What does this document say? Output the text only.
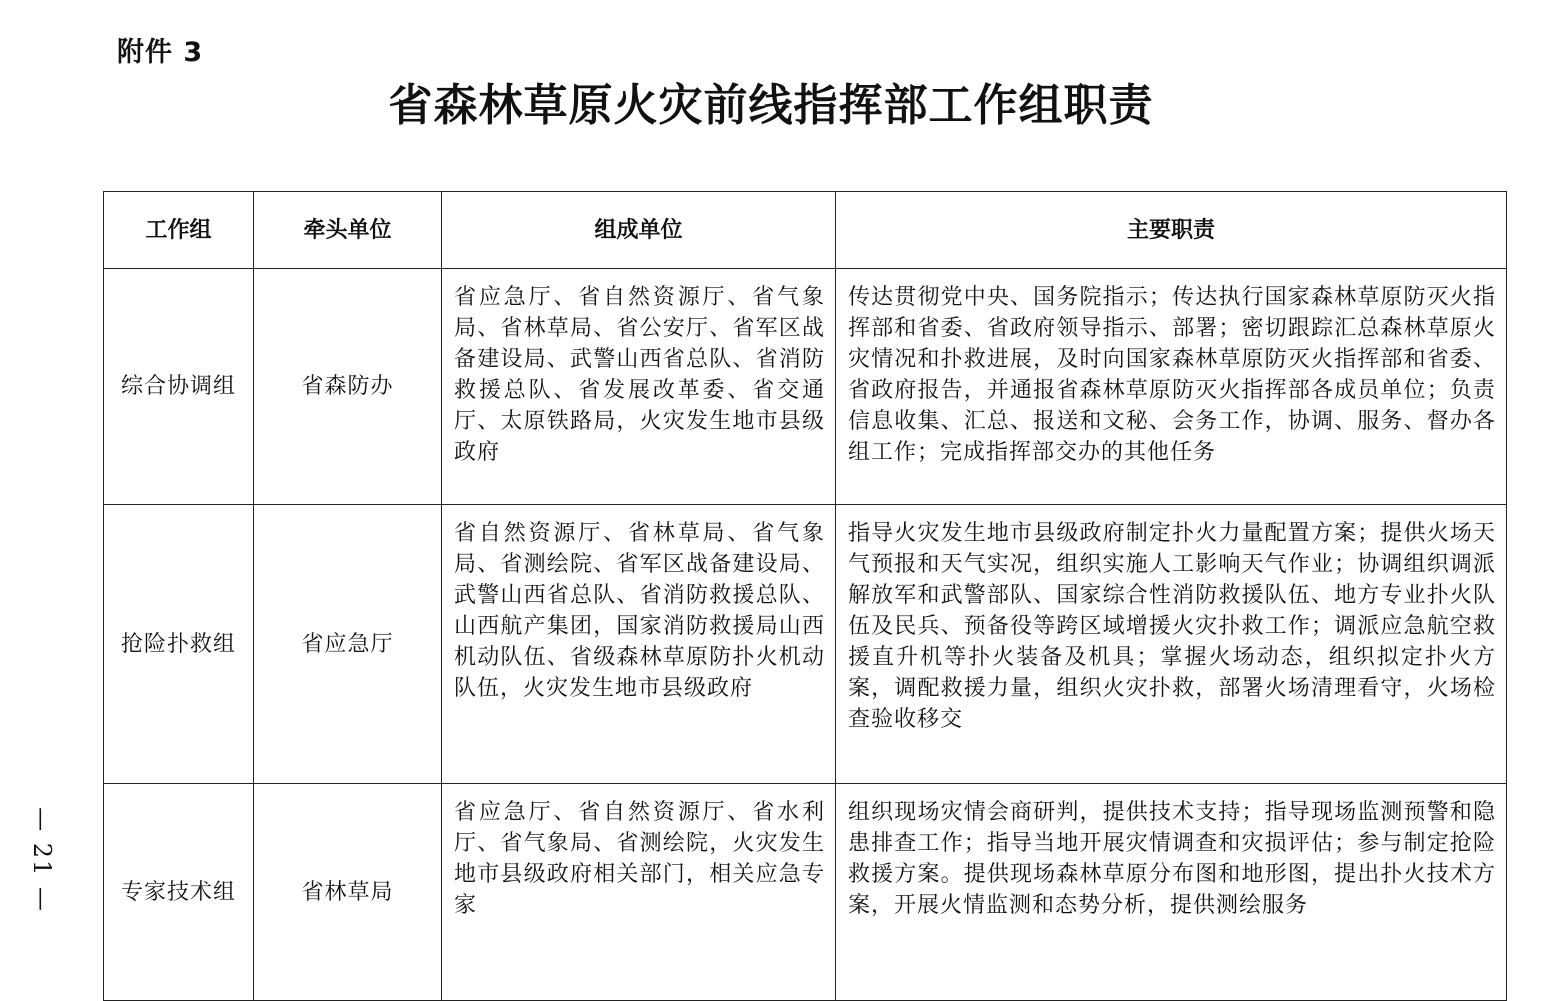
附件 3
省森林草原火灾前线指挥部工作组职责
— 21 —
工作组	牵头单位	组成单位	主要职责
综合协调组	省森防办	省应急厅、省自然资源厅、省气象局、省林草局、省公安厅、省军区战备建设局、武警山西省总队、省消防救援总队、省发展改革委、省交通厅、太原铁路局，火灾发生地市县级政府	传达贯彻党中央、国务院指示；传达执行国家森林草原防灭火指挥部和省委、省政府领导指示、部署；密切跟踪汇总森林草原火灾情况和扑救进展，及时向国家森林草原防灭火指挥部和省委、省政府报告，并通报省森林草原防灭火指挥部各成员单位；负责信息收集、汇总、报送和文秘、会务工作，协调、服务、督办各组工作；完成指挥部交办的其他任务
抢险扑救组	省应急厅	省自然资源厅、省林草局、省气象局、省测绘院、省军区战备建设局、武警山西省总队、省消防救援总队、山西航产集团，国家消防救援局山西机动队伍、省级森林草原防扑火机动队伍，火灾发生地市县级政府	指导火灾发生地市县级政府制定扑火力量配置方案；提供火场天气预报和天气实况，组织实施人工影响天气作业；协调组织调派解放军和武警部队、国家综合性消防救援队伍、地方专业扑火队伍及民兵、预备役等跨区域增援火灾扑救工作；调派应急航空救援直升机等扑火装备及机具；掌握火场动态，组织拟定扑火方案，调配救援力量，组织火灾扑救，部署火场清理看守，火场检查验收移交
专家技术组	省林草局	省应急厅、省自然资源厅、省水利厅、省气象局、省测绘院，火灾发生地市县级政府相关部门，相关应急专家	组织现场灾情会商研判，提供技术支持；指导现场监测预警和隐患排查工作；指导当地开展灾情调查和灾损评估；参与制定抢险救援方案。提供现场森林草原分布图和地形图，提出扑火技术方案，开展火情监测和态势分析，提供测绘服务
